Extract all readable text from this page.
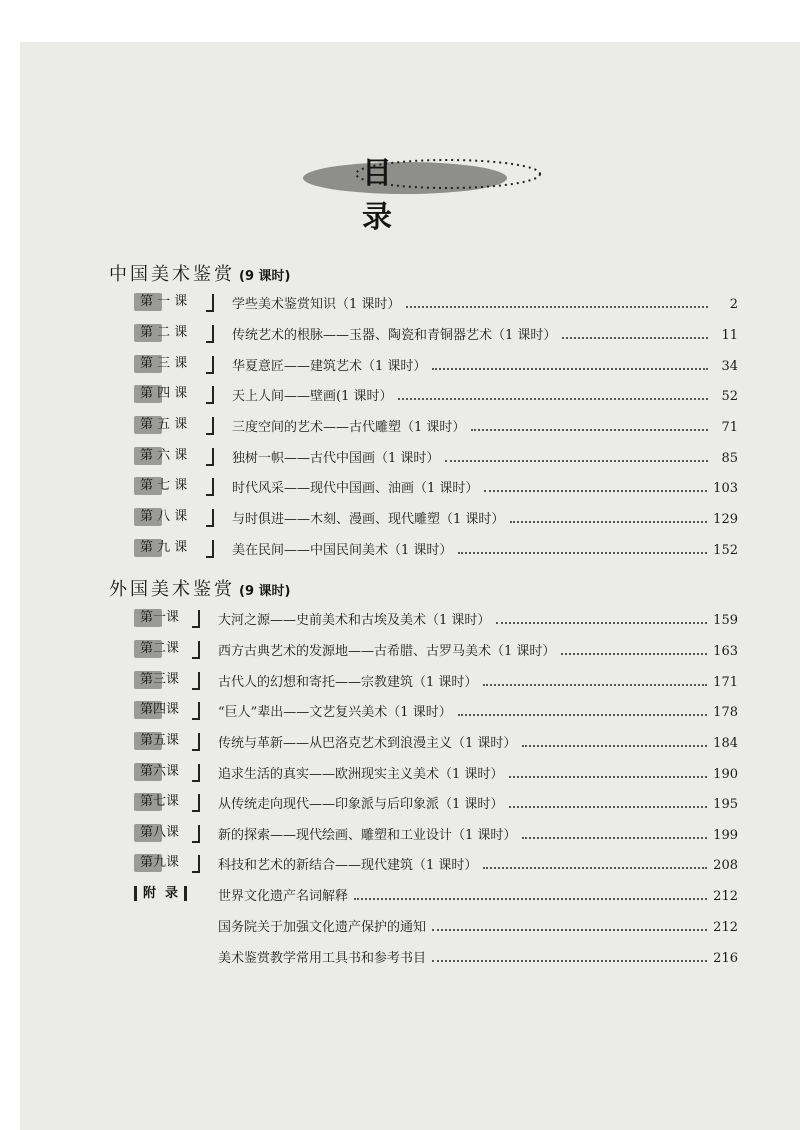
目 录
中国美术鉴赏 (9 课时)
第 一 课	学些美术鉴赏知识（1 课时）	2
第 二 课	传统艺术的根脉——玉器、陶瓷和青铜器艺术（1 课时）	11
第 三 课	华夏意匠——建筑艺术（1 课时）	34
第 四 课	天上人间——壁画(1 课时）	52
第 五 课	三度空间的艺术——古代雕塑（1 课时）	71
第 六 课	独树一帜——古代中国画（1 课时）	85
第 七 课	时代风采——现代中国画、油画（1 课时）	103
第 八 课	与时俱进——木刻、漫画、现代雕塑（1 课时）	129
第 九 课	美在民间——中国民间美术（1 课时）	152
外国美术鉴赏 (9 课时)
第一课	大河之源——史前美术和古埃及美术（1 课时）	159
第二课	西方古典艺术的发源地——古希腊、古罗马美术（1 课时）	163
第三课	古代人的幻想和寄托——宗教建筑（1 课时）	171
第四课	“巨人”辈出——文艺复兴美术（1 课时）	178
第五课	传统与革新——从巴洛克艺术到浪漫主义（1 课时）	184
第六课	追求生活的真实——欧洲现实主义美术（1 课时）	190
第七课	从传统走向现代——印象派与后印象派（1 课时）	195
第八课	新的探索——现代绘画、雕塑和工业设计（1 课时）	199
第九课	科技和艺术的新结合——现代建筑（1 课时）	208
附  录	世界文化遗产名词解释	212
国务院关于加强文化遗产保护的通知	212
美术鉴赏教学常用工具书和参考书目	216
